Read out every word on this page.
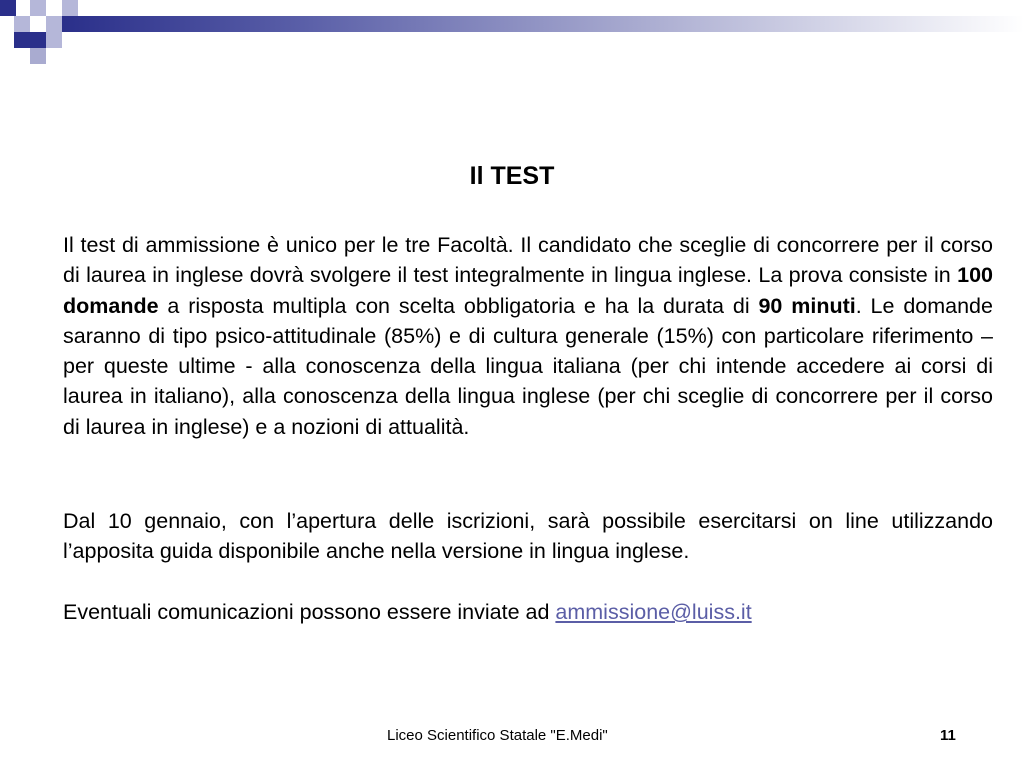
Il TEST

Il test di ammissione è unico per le tre Facoltà. Il candidato che sceglie di concorrere per il corso di laurea in inglese dovrà svolgere il test integralmente in lingua inglese. La prova consiste in 100 domande a risposta multipla con scelta obbligatoria e ha la durata di 90 minuti. Le domande saranno di tipo psico-attitudinale (85%) e di cultura generale (15%) con particolare riferimento – per queste ultime - alla conoscenza della lingua italiana (per chi intende accedere ai corsi di laurea in italiano), alla conoscenza della lingua inglese (per chi sceglie di concorrere per il corso di laurea in inglese) e a nozioni di attualità.

Dal 10 gennaio, con l’apertura delle iscrizioni, sarà possibile esercitarsi on line utilizzando l’apposita guida disponibile anche nella versione in lingua inglese.

Eventuali comunicazioni possono essere inviate ad ammissione@luiss.it

Liceo Scientifico Statale "E.Medi"	11
